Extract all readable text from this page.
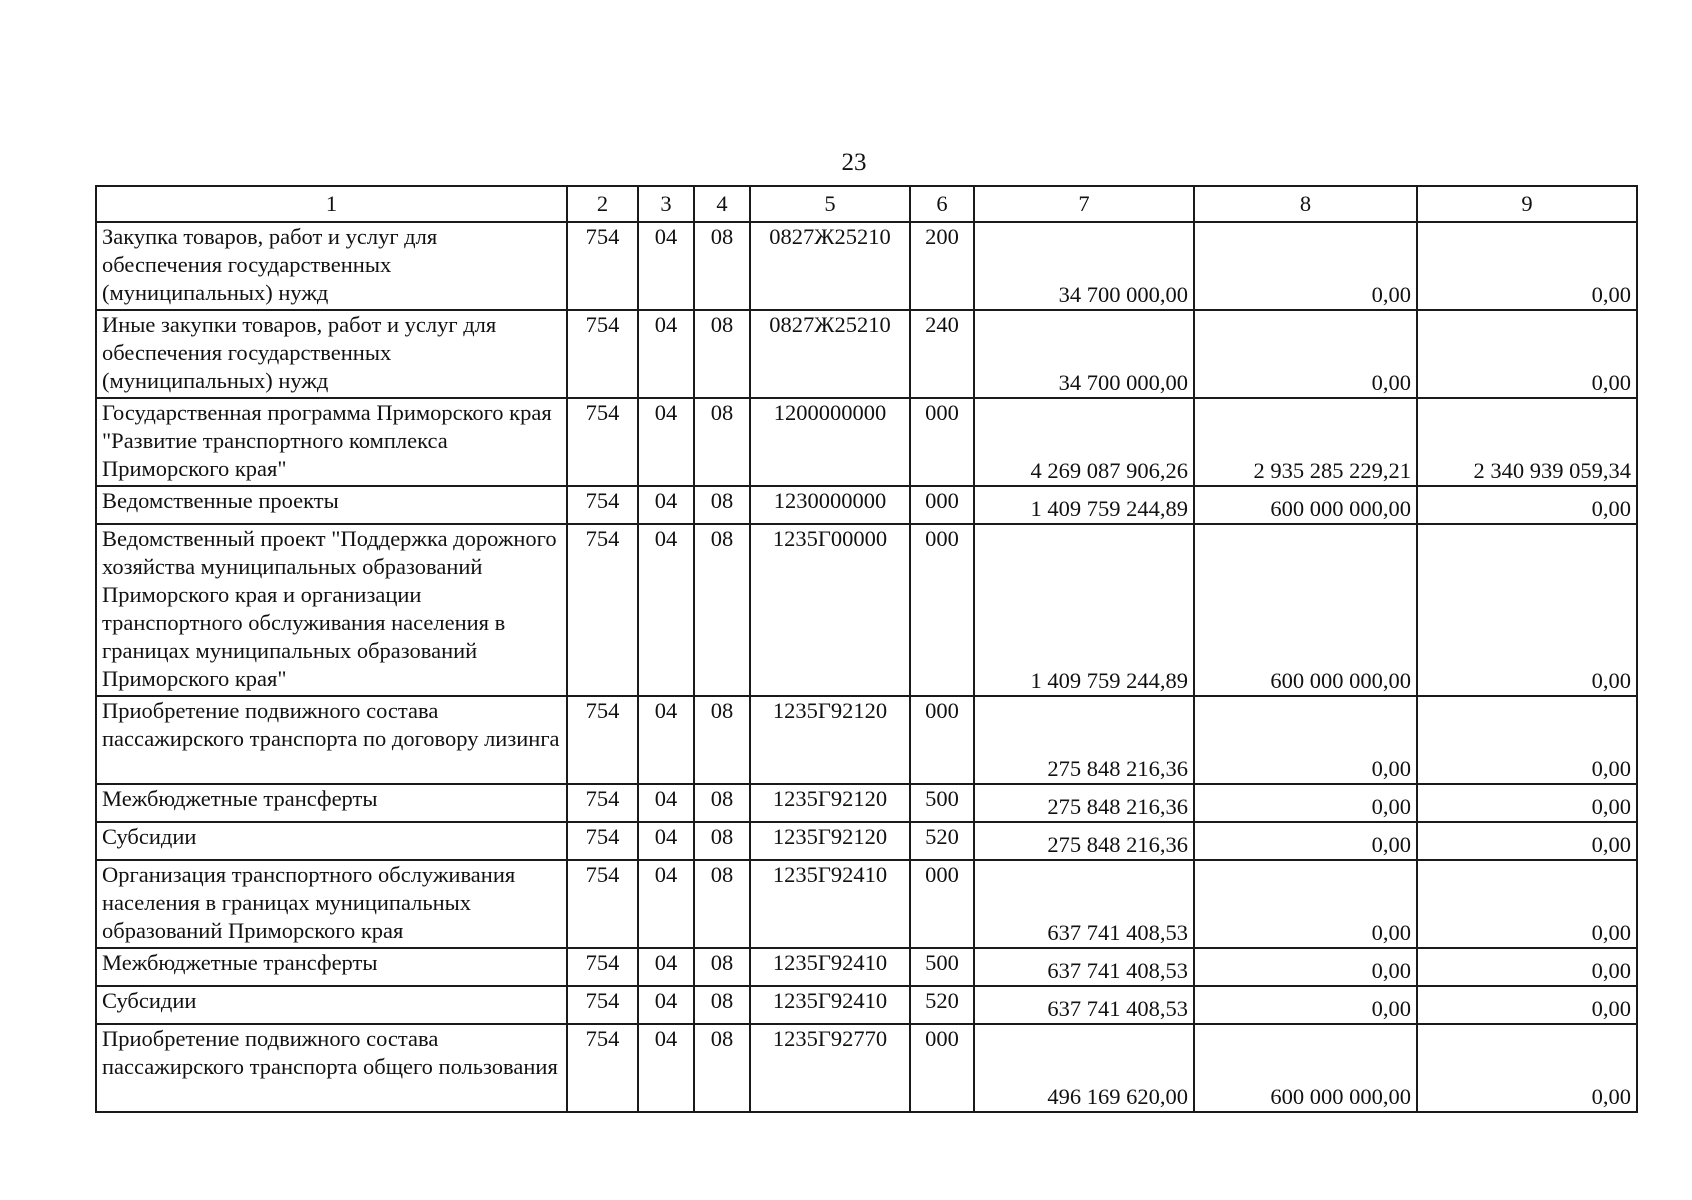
23
1	2	3	4	5	6	7	8	9
Закупка товаров, работ и услуг для обеспечения государственных (муниципальных) нужд	754	04	08	0827Ж25210	200	34 700 000,00	0,00	0,00
Иные закупки товаров, работ и услуг для обеспечения государственных (муниципальных) нужд	754	04	08	0827Ж25210	240	34 700 000,00	0,00	0,00
Государственная программа Приморского края "Развитие транспортного комплекса Приморского края"	754	04	08	1200000000	000	4 269 087 906,26	2 935 285 229,21	2 340 939 059,34
Ведомственные проекты	754	04	08	1230000000	000	1 409 759 244,89	600 000 000,00	0,00
Ведомственный проект "Поддержка дорожного хозяйства муниципальных образований Приморского края и организации транспортного обслуживания населения в границах муниципальных образований Приморского края"	754	04	08	1235Г00000	000	1 409 759 244,89	600 000 000,00	0,00
Приобретение подвижного состава пассажирского транспорта по договору лизинга	754	04	08	1235Г92120	000	275 848 216,36	0,00	0,00
Межбюджетные трансферты	754	04	08	1235Г92120	500	275 848 216,36	0,00	0,00
Субсидии	754	04	08	1235Г92120	520	275 848 216,36	0,00	0,00
Организация транспортного обслуживания населения в границах муниципальных образований Приморского края	754	04	08	1235Г92410	000	637 741 408,53	0,00	0,00
Межбюджетные трансферты	754	04	08	1235Г92410	500	637 741 408,53	0,00	0,00
Субсидии	754	04	08	1235Г92410	520	637 741 408,53	0,00	0,00
Приобретение подвижного состава пассажирского транспорта общего пользования	754	04	08	1235Г92770	000	496 169 620,00	600 000 000,00	0,00
